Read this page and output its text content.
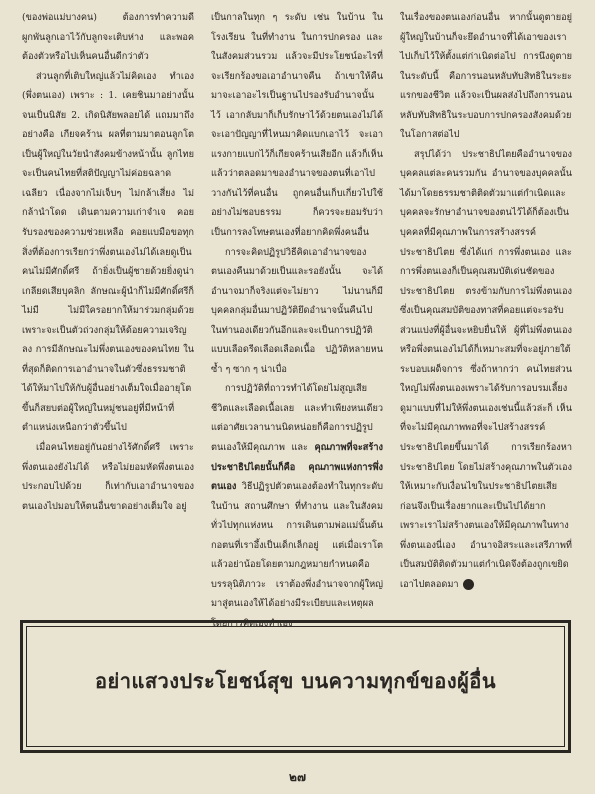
(ของพ่อแม่บางคน) ต้องการทำความดีผูกพันลูกเอาไว้กับลูกจะเติบห่าง และพอคต้องตัวหรือไปเห็นคนอื่นดีกว่าตัว

ส่วนลูกที่เติบใหญ่แล้วไม่คิดเอง ทำเอง (พึ่งตนเอง) เพราะ : 1. เคยชินมาอย่างนั้นจนเป็นนิสัย 2. เกิดนิสัยพลอยได้ แถมมาถึงอย่างคือ เกียจคร้าน ผลที่ตามมาตอนลูกโตเป็นผู้ใหญ่ในวัยนำสังคมข้างหน้านั้น ลูกไทยจะเป็นคนไทยที่สติปัญญาไม่ค่อยฉลาดเฉลียว เนื่องจากไม่เจ็บๆ ไม่กล้าเสี่ยง ไม่กล้านำโดด เดินตามความเก่าจำเจ คอยรับรองของความช่วยเหลือ คอยแบมือขอทุกสิ่งที่ต้องการเรียกว่าพึ่งตนเองไม่ได้เลยดูเป็นคนไม่มีศักดิ์ศรี ถ้ายิ่งเป็นผู้ชายด้วยยิ่งดูน่าเกลียดเสียบุคลิก ลักษณะผู้นำก็ไม่มีศักดิ์ศรีก็ไม่มี ไม่มีใครอยากให้มาร่วมกลุ่มด้วย เพราะจะเป็นตัวถ่วงกลุ่มให้ด้อยความเจริญลง การมีลักษณะไม่พึ่งตนเองของคนไทย ในที่สุดก็ติดการเอาอำนาจในตัวซึ่งธรรมชาติได้ให้มาไปให้กับผู้อื่นอย่างเต็มใจเมื่ออายุโตขึ้นก็สยบต่อผู้ใหญ่ในหมู่ชนอยู่ที่มีหน้าที่ตำแหน่งเหนือกว่าตัวขึ้นไป

เมื่อคนไทยอยู่กันอย่างไร้ศักดิ์ศรี เพราะพึ่งตนเองยังไม่ได้ หรือไม่ยอมหัดพึ่งตนเองประกอบไปด้วย ก็เท่ากับเอาอำนาจของตนเองไปมอบให้ตนอื่นขาดอย่างเต็มใจ อยู่

เป็นกาลในทุก ๆ ระดับ เช่น ในบ้าน ในโรงเรียน ในที่ทำงาน ในการปกครอง และในสังคมส่วนรวม แล้วจะมีประโยชน์อะไรที่จะเรียกร้องขอเอาอำนาจคืน ถ้าเขาให้คืนมาจะเอาอะไรเป็นฐานไปรองรับอำนาจนั้นไว้ เอากลับมาก็เก็บรักษาไว้ด้วยตนเองไม่ได้ จะเอาปัญญาที่ไหนมาคิดแบกเอาไว้ จะเอาแรงกายแบกไว้ก็เกียจคร้านเสียอีก แล้วก็เห็นแล้วว่าตลอดมาของอำนาจของตนที่เอาไปวางกันไว้ที่คนอื่น ถูกคนอื่นเก็บเกี่ยวไปใช้อย่างไม่ชอบธรรม ก็ควรจะยอมรับว่าเป็นการลงโทษตนเองที่อยากคิดพึ่งคนอื่น

การจะคิดปฏิรูปวิธีคิดเอาอำนาจของตนเองคืนมาด้วยเป็นและรอยังนั้น จะได้อำนาจมาก็จริงแต่จะไม่ยาว ไม่นานก็มีบุคคลกลุ่มอื่นมาปฏิวัติยึดอำนาจนั้นคืนไปในท่านองเดียวกันอีกและจะเป็นการปฏิวัติแบบเลือดรีดเลือดเลือดเนื้อ ปฏิวัติหลายหนซ้ำ ๆ ซาก ๆ น่าเบื่อ

การปฏิวัติที่ถาวรทำได้โดยไม่สูญเสียชีวิตและเลือดเนื้อเลย และทำเพียงหนเดียวแต่อาศัยเวลานานนิดหน่อยก็คือการปฏิรูปตนเองให้มีคุณภาพ และ คุณภาพที่จะสร้างประชาธิปไตยนั้นก็คือ คุณภาพแห่งการพึ่งตนเอง วิธีปฏิรูปตัวตนเองต้องทำในทุกระดับ ในบ้าน สถานศึกษา ที่ทำงาน และในสังคมทั่วไปทุกแห่งหน การเดินตามพ่อแม่นั้นต้นกอตนที่เราอึ้งเป็นเด็กเล็กอยู่ แต่เมื่อเราโตแล้วอย่าน้อยโดยตามกฎหมายกำหนดคือบรรลุนิติภาวะ เราต้องพึ่งอำนาจจากผู้ใหญ่มาสู่ตนเองให้ได้อย่างมีระเบียบและเหตุผล โดยการคิดเองทำเอง

ในเรื่องของตนเองก่อนอื่น หากนั้นดูตายอยู่ผู้ใหญ่ในบ้านก็จะยึดอำนาจที่ได้เอาของเราไปเก็บไว้ให้ตั้งแต่ก่าเนิดต่อไป การนึงดูตายในระดับนี้ คือการนอนหลับทับสิทธิในระยะแรกของชีวิต แล้วจะเป็นผลส่งไปถึงการนอนหลับทับสิทธิในระบอบการปกครองสังคมด้วยในโอกาสต่อไป

สรุปได้ว่า ประชาธิปไตยคืออำนาจของบุคคลแต่ละคนรวมกัน อำนาจของบุคคลนั้นได้มาโดยธรรมชาติติดตัวมาแต่กำเนิดและบุคคลจะรักษาอำนาจของตนไว้ได้ก็ต้องเป็นบุคคลที่มีคุณภาพในการสร้างสรรค์ประชาธิปไตย ซึ่งได้แก่ การพึ่งตนเอง และการพึ่งตนเองก็เป็นคุณสมบัติเด่นชัดของประชาธิปไตย ตรงข้ามกับการไม่พึ่งตนเองซึ่งเป็นคุณสมบัติของทาสที่คอยแต่จะรอรับส่วนแบ่งที่ผู้อื่นจะหยิบยื่นให้ ผู้ที่ไม่พึ่งตนเองหรือพึ่งตนเองไม่ได้ก็เหมาะสมที่จะอยู่ภายใต้ระบอบเผด็จการ ซึ่งถ้าหากว่า คนไทยส่วนใหญ่ไม่พึ่งตนเองเพราะได้รับการอบรมเลี้ยงดูมาแบบที่ไม่ให้พึ่งตนเองเช่นนี้แล้วล่ะก็ เห็นที่จะไม่มีคุณภาพพอที่จะไปสร้างสรรค์ประชาธิปไตยขึ้นมาได้ การเรียกร้องหาประชาธิปไตย โดยไม่สร้างคุณภาพในตัวเองให้เหมาะกับเงื่อนไขในประชาธิปไตยเสียก่อนจึงเป็นเรื่องยากและเป็นไปได้ยาก เพราะเราไม่สร้างตนเองให้มีคุณภาพในทางพึ่งตนเองนี่เอง อำนาจอิสระและเสรีภาพที่เป็นสมบัติติดตัวมาแต่กำเนิดจึงต้องถูกเขยิดเอาไปตลอดมา

อย่าแสวงประโยชน์สุข บนความทุกข์ของผู้อื่น
๒๗
